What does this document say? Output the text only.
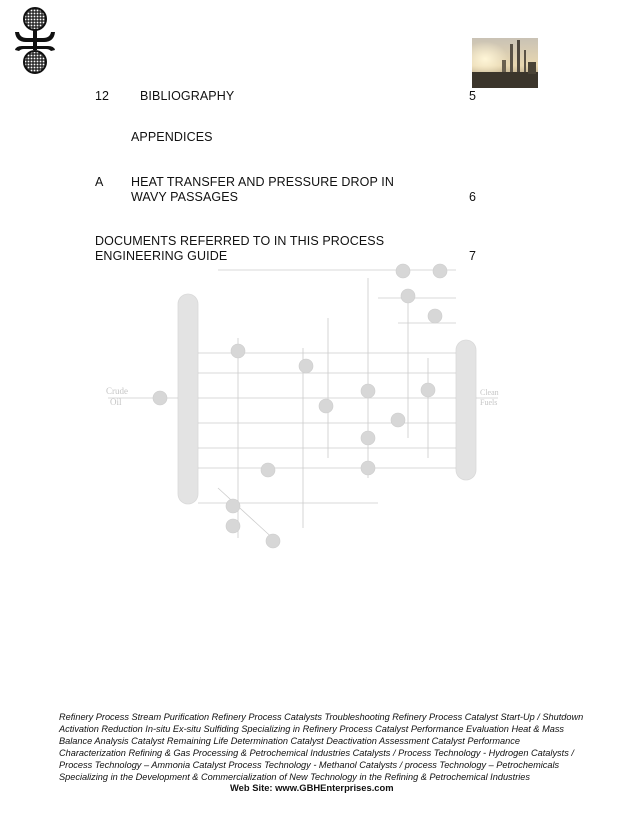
12 BIBLIOGRAPHY	5
APPENDICES
A HEAT TRANSFER AND PRESSURE DROP IN
WAVY PASSAGES	6
DOCUMENTS REFERRED TO IN THIS PROCESS
ENGINEERING GUIDE	7
Crude
Oil
Clean
Fuels
Refinery Process Stream Purification Refinery Process Catalysts Troubleshooting Refinery Process Catalyst Start-Up / Shutdown
Activation Reduction In-situ Ex-situ Sulfiding Specializing in Refinery Process Catalyst Performance Evaluation Heat & Mass
Balance Analysis Catalyst Remaining Life Determination Catalyst Deactivation Assessment Catalyst Performance
Characterization Refining & Gas Processing & Petrochemical Industries Catalysts / Process Technology - Hydrogen Catalysts /
Process Technology – Ammonia Catalyst Process Technology - Methanol Catalysts / process Technology – Petrochemicals
Specializing in the Development & Commercialization of New Technology in the Refining & Petrochemical Industries
Web Site: www.GBHEnterprises.com
